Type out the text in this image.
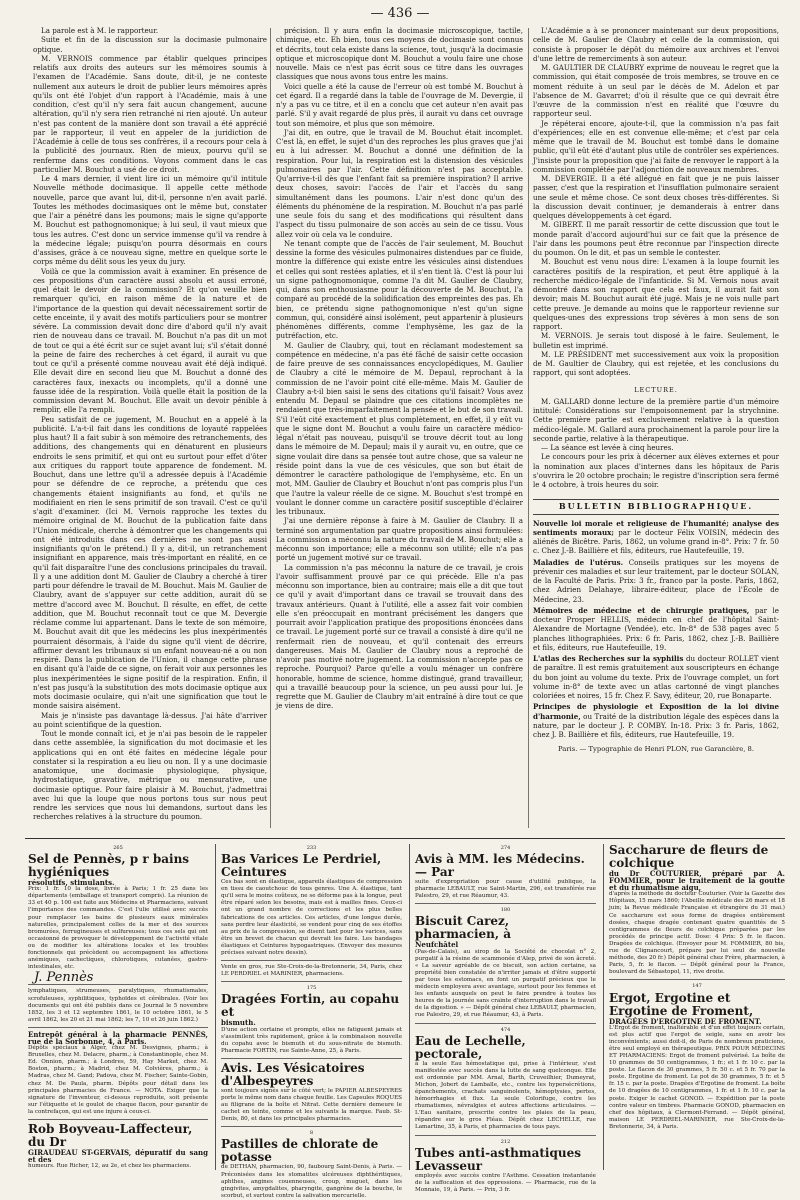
— 436 —

La parole est à M. le rapporteur.

Suite et fin de la discussion sur la docimasie pulmonaire optique.

M. VERNOIS commence par établir quelques principes relatifs aux droits des auteurs sur les mémoires soumis à l'examen de l'Académie. Sans doute, dit-il, je ne conteste nullement aux auteurs le droit de publier leurs mémoires après qu'ils ont été l'objet d'un rapport à l'Académie, mais à une condition, c'est qu'il n'y sera fait aucun changement, aucune altération, qu'il n'y sera rien retranché ni rien ajouté. Un auteur n'est pas content de la manière dont son travail a été apprécié par le rapporteur, il veut en appeler de la juridiction de l'Académie à celle de tous ses confrères, il a recours pour cela à la publicité des journaux. Rien de mieux, pourvu qu'il se renferme dans ces conditions. Voyons comment dans le cas particulier M. Bouchut a usé de ce droit.

Le 4 mars dernier, il vient lire ici un mémoire qu'il intitule Nouvelle méthode docimasique. Il appelle cette méthode nouvelle, parce que avant lui, dit-il, personne n'en avait parlé. Toutes les méthodes docimasiques ont le même but, constater que l'air a pénétré dans les poumons; mais le signe qu'apporte M. Bouchut est pathognomonique; à lui seul, il vaut mieux que tous les autres. C'est donc un service immense qu'il va rendre à la médecine légale; puisqu'on pourra désormais en cours d'assises, grâce à ce nouveau signe, mettre en quelque sorte le corps même du délit sous les yeux du jury.

Voilà ce que la commission avait à examiner. En présence de ces propositions d'un caractère aussi absolu et aussi erroné, quel était le devoir de la commission? Et qu'on veuille bien remarquer qu'ici, en raison même de la nature et de l'importance de la question qui devait nécessairement sortir de cette enceinte, il y avait des motifs particuliers pour se montrer sévère. La commission devait donc dire d'abord qu'il n'y avait rien de nouveau dans ce travail. M. Bouchut n'a pas dit un mot de tout ce qui a été écrit sur ce sujet avant lui; s'il s'était donné la peine de faire des recherches à cet égard, il aurait vu que tout ce qu'il a présenté comme nouveau avait été déjà indiqué. Elle devait dire en second lieu que M. Bouchut a donné des caractères faux, inexacts ou incomplets, qu'il a donné une fausse idée de la respiration. Voilà quelle était la position de la commission devant M. Bouchut. Elle avait un devoir pénible à remplir, elle l'a rempli.

Peu satisfait de ce jugement, M. Bouchut en a appelé à la publicité. L'a-t-il fait dans les conditions de loyauté rappelées plus haut? Il a fait subir à son mémoire des retranchements, des additions, des changements qui en dénaturent en plusieurs endroits le sens primitif, et qui ont eu surtout pour effet d'ôter aux critiques du rapport toute apparence de fondement. M. Bouchut, dans une lettre qu'il a adressée depuis à l'Académie pour se défendre de ce reproche, a prétendu que ces changements étaient insignifiants au fond, et qu'ils ne modifiaient en rien le sens primitif de son travail. C'est ce qu'il s'agit d'examiner. (Ici M. Vernois rapproche les textes du mémoire original de M. Bouchut de la publication faite dans l'Union médicale, cherche à démontrer que les changements qui ont été introduits dans ces dernières ne sont pas aussi insignifiants qu'on le prétend.) Il y a, dit-il, un retranchement insignifiant en apparence, mais très-important en réalité, en ce qu'il fait disparaître l'une des conclusions principales du travail. Il y a une addition dont M. Gaulier de Claubry a cherché à tirer parti pour défendre le travail de M. Bouchut. Mais M. Gaulier de Claubry, avant de s'appuyer sur cette addition, aurait dû se mettre d'accord avec M. Bouchut. Il résulte, en effet, de cette addition, que M. Bouchut reconnaît tout ce que M. Devergie réclame comme lui appartenant. Dans le texte de son mémoire, M. Bouchut avait dit que les médecins les plus inexpérimentés pourraient désormais, à l'aide du signe qu'il vient de décrire, affirmer devant les tribunaux si un enfant nouveau-né a ou non respiré. Dans la publication de l'Union, il change cette phrase en disant qu'à l'aide de ce signe, on ferait voir aux personnes les plus inexpérimentées le signe positif de la respiration. Enfin, il n'est pas jusqu'à la substitution des mots docimasie optique aux mots docimasie oculaire, qui n'ait une signification que tout le monde saisira aisément.

Mais je n'insiste pas davantage là-dessus. J'ai hâte d'arriver au point scientifique de la question.

Tout le monde connaît ici, et je n'ai pas besoin de le rappeler dans cette assemblée, la signification du mot docimasie et les applications qui en ont été faites en médecine légale pour constater si la respiration a eu lieu ou non. Il y a une docimasie anatomique, une docimasie physiologique, physique, hydrostatique, gravative, métrique ou mensurative, une docimasie optique. Pour faire plaisir à M. Bouchut, j'admettrai avec lui que la loupe que nous portons tous sur nous peut rendre les services que nous lui demandons, surtout dans les recherches relatives à la structure du poumon.

précision. Il y aura enfin la docimasie microscopique, tactile, chimique, etc. Eh bien, tous ces moyens de docimasie sont connus et décrits, tout cela existe dans la science, tout, jusqu'à la docimasie optique et microscopique dont M. Bouchut a voulu faire une chose nouvelle. Mais ce n'est pas écrit sous ce titre dans les ouvrages classiques que nous avons tous entre les mains.

Voici quelle a été la cause de l'erreur où est tombé M. Bouchut à cet égard. Il a regardé dans la table de l'ouvrage de M. Devergie, il n'y a pas vu ce titre, et il en a conclu que cet auteur n'en avait pas parlé. S'il y avait regardé de plus près, il aurait vu dans cet ouvrage tout son mémoire, et plus que son mémoire.

J'ai dit, en outre, que le travail de M. Bouchut était incomplet. C'est là, en effet, le sujet d'un des reproches les plus graves que j'ai eu à lui adresser. M. Bouchut a donné une définition de la respiration. Pour lui, la respiration est la distension des vésicules pulmonaires par l'air. Cette définition n'est pas acceptable. Qu'arrive-t-il dès que l'enfant fait sa première inspiration? Il arrive deux choses, savoir: l'accès de l'air et l'accès du sang simultanément dans les poumons. L'air n'est donc qu'un des éléments du phénomène de la respiration. M. Bouchut n'a pas parlé une seule fois du sang et des modifications qui résultent dans l'aspect du tissu pulmonaire de son accès au sein de ce tissu. Vous allez voir où cela va le conduire.

Ne tenant compte que de l'accès de l'air seulement, M. Bouchut dessine la forme des vésicules pulmonaires distendues par ce fluide, montre la différence qui existe entre les vésicules ainsi distendues et celles qui sont restées aplaties, et il s'en tient là. C'est là pour lui un signe pathognomonique, comme l'a dit M. Gaulier de Claubry, qui, dans son enthousiasme pour la découverte de M. Bouchut, l'a comparé au procédé de la solidification des empreintes des pas. Eh bien, ce prétendu signe pathognomonique n'est qu'un signe commun, qui, considéré ainsi isolément, peut appartenir à plusieurs phénomènes différents, comme l'emphysème, les gaz de la putréfaction, etc.

M. Gaulier de Claubry, qui, tout en réclamant modestement sa compétence en médecine, n'a pas été fâché de saisir cette occasion de faire preuve de ses connaissances encyclopédiques, M. Gaulier de Claubry a cité le mémoire de M. Depaul, reprochant à la commission de ne l'avoir point cité elle-même. Mais M. Gaulier de Claubry a-t-il bien saisi le sens des citations qu'il faisait? Vous avez entendu M. Depaul se plaindre que ces citations incomplètes ne rendaient que très-imparfaitement la pensée et le but de son travail. S'il l'eût cité exactement et plus complètement, en effet, il y eût vu que le signe dont M. Bouchut a voulu faire un caractère médico-légal n'était pas nouveau, puisqu'il se trouve décrit tout au long dans le mémoire de M. Depaul; mais il y aurait vu, en outre, que ce signe voulait dire dans sa pensée tout autre chose, que sa valeur ne réside point dans la vue de ces vésicules, que son but était de démontrer le caractère pathologique de l'emphysème, etc. En un mot, MM. Gaulier de Claubry et Bouchut n'ont pas compris plus l'un que l'autre la valeur réelle de ce signe. M. Bouchut s'est trompé en voulant le donner comme un caractère positif susceptible d'éclairer les tribunaux.

J'ai une dernière réponse à faire à M. Gaulier de Claubry. Il a terminé son argumentation par quatre propositions ainsi formulées: La commission a méconnu la nature du travail de M. Bouchut; elle a méconnu son importance; elle a méconnu son utilité; elle n'a pas porté un jugement motivé sur ce travail.

La commission n'a pas méconnu la nature de ce travail, je crois l'avoir suffisamment prouvé par ce qui précède. Elle n'a pas méconnu son importance, bien au contraire; mais elle a dit que tout ce qu'il y avait d'important dans ce travail se trouvait dans des travaux antérieurs. Quant à l'utilité, elle a assez fait voir combien elle s'en préoccupait en montrant précisément les dangers que pourrait avoir l'application pratique des propositions énoncées dans ce travail. Le jugement porté sur ce travail a consisté à dire qu'il ne renfermait rien de nouveau, et qu'il contenait des erreurs dangereuses. Mais M. Gaulier de Claubry nous a reproché de n'avoir pas motivé notre jugement. La commission n'accepte pas ce reproche. Pourquoi? Parce qu'elle a voulu ménager un confrère honorable, homme de science, homme distingué, grand travailleur, qui a travaillé beaucoup pour la science, un peu aussi pour lui. Je regrette que M. Gaulier de Claubry m'ait entraîné à dire tout ce que je viens de dire.

L'Académie a à se prononcer maintenant sur deux propositions, celle de M. Gaulier de Claubry et celle de la commission, qui consiste à proposer le dépôt du mémoire aux archives et l'envoi d'une lettre de remerciments à son auteur.

M. GAULTIER DE CLAUBRY exprime de nouveau le regret que la commission, qui était composée de trois membres, se trouve en ce moment réduite à un seul par le décès de M. Adelon et par l'absence de M. Gavarret; d'où il résulte que ce qui devrait être l'œuvre de la commission n'est en réalité que l'œuvre du rapporteur seul.

Je répéterai encore, ajoute-t-il, que la commission n'a pas fait d'expériences; elle en est convenue elle-même; et c'est par cela même que le travail de M. Bouchut est tombé dans le domaine public, qu'il eût été d'autant plus utile de contrôler ses expériences. J'insiste pour la proposition que j'ai faite de renvoyer le rapport à la commission complétée par l'adjonction de nouveaux membres.

M. DEVERGIE. Il a été allégué en fait que je ne puis laisser passer, c'est que la respiration et l'insufflation pulmonaire seraient une seule et même chose. Ce sont deux choses très-différentes. Si la discussion devait continuer, je demanderais à entrer dans quelques développements à cet égard.

M. GIBERT. Il me paraît ressortir de cette discussion que tout le monde paraît d'accord aujourd'hui sur ce fait que la présence de l'air dans les poumons peut être reconnue par l'inspection directe du poumon. On le dit, et pas un semble le contester.

M. Bouchut est venu nous dire: L'examen à la loupe fournit les caractères positifs de la respiration, et peut être appliqué à la recherche médico-légale de l'infanticide. Si M. Vernois nous avait démontré dans son rapport que cela est faux, il aurait fait son devoir; mais M. Bouchut aurait été jugé. Mais je ne vois nulle part cette preuve. Je demande au moins que le rapporteur revienne sur quelques-unes des expressions trop sévères à mon sens de son rapport.

M. VERNOIS. Je serais tout disposé à le faire. Seulement, le bulletin est imprimé.

M. LE PRÉSIDENT met successivement aux voix la proposition de M. Gaultier de Claubry, qui est rejetée, et les conclusions du rapport, qui sont adoptées.

LECTURE.

M. GALLARD donne lecture de la première partie d'un mémoire intitulé: Considérations sur l'empoisonnement par la strychnine. Cette première partie est exclusivement relative à la question médico-légale. M. Gallard aura prochainement la parole pour lire la seconde partie, relative à la thérapeutique.

— La séance est levée à cinq heures.

Le concours pour les prix à décerner aux élèves externes et pour la nomination aux places d'internes dans les hôpitaux de Paris s'ouvrira le 20 octobre prochain; le registre d'inscription sera fermé le 4 octobre, à trois heures du soir.

BULLETIN BIBLIOGRAPHIQUE.

Nouvelle loi morale et religieuse de l'humanité; analyse des sentiments moraux; par le docteur Félix VOISIN, médecin des aliénés de Bicêtre. Paris, 1862, un volume grand in-8°. Prix: 7 fr. 50 c. Chez J.-B. Baillière et fils, éditeurs, rue Hautefeuille, 19.

Maladies de l'utérus. Conseils pratiques sur les moyens de prévenir ces maladies et sur leur traitement, par le docteur SOLAN, de la Faculté de Paris. Prix: 3 fr., franco par la poste. Paris, 1862, chez Adrien Delahaye, libraire-éditeur, place de l'École de Médecine, 23.

Mémoires de médecine et de chirurgie pratiques, par le docteur Prosper HELLIS, médecin en chef de l'hôpital Saint-Alexandre de Mortagne (Vendée), etc. In-8° de 538 pages avec 5 planches lithographiées. Prix: 6 fr. Paris, 1862, chez J.-B. Baillière et fils, éditeurs, rue Hautefeuille, 19.

L'atlas des Recherches sur la syphilis du docteur ROLLET vient de paraître. Il est remis gratuitement aux souscripteurs en échange du bon joint au volume du texte. Prix de l'ouvrage complet, un fort volume in-8° de texte avec un atlas cartonné de vingt planches coloriées et noires, 15 fr. Chez F. Savy, éditeur, 20, rue Bonaparte.

Principes de physiologie et Exposition de la loi divine d'harmonie, ou Traité de la distribution légale des espèces dans la nature, par le docteur J. P. COMBY. In-18. Prix: 3 fr. Paris, 1862, chez J. B. Baillière et fils, éditeurs, rue Hautefeuille, 19.

Paris. — Typographie de Henri PLON, rue Garancière, 8.
265
Sel de Pennès, p r bains hygiéniques
résolutifs, stimulants.
Prix: 1 fr. 10 la dose, livrée à Paris; 1 fr. 25 dans les départements (emballage et transport compris). La réunion de 33 et 40 p. 100 est faite aux Médecins et Pharmaciens, suivant l'importance des commandes. C'est l'ulie utilisé avec succès pour remplacer les bains de plusieurs eaux minérales naturelles, principalement celles de la mer et des sources bromurées, ferrugineuses et sulfureuses; tous ces sels qui ont occasionné de provoquer le développement de l'activité vitale ou de modifier les altérations locales et les troubles fonctionnels qui précèdent ou accompagnent les affections anémiques, cachectiques, chlorotiques, cutanées, gastro-intestinales, etc.
J. Pennès
lymphatiques, strumeuses, paralytiques, rhumatismales, scrofuleuses, syphilitiques, typhoïdes et cérébrales. (Voir les documents qui ont été publiés dans ce Journal le 5 novembre 1852, les 3 et 12 septembre 1861, le 10 octobre 1861, le 5 avril 1862, les 20 et 21 mai 1862; les 7, 10 et 26 juin 1862.)
Entrepôt général à la pharmacie PENNÈS, rue de la Sorbonne, 4, à Paris.
Dépôts spéciaux à Alger, chez M. Desvignes, pharm.; à Bruxelles, chez M. Delacre, pharm.; à Constantinople, chez M. Ed. Onnion, pharm.; à Londres, 59, Hay Market, chez M. Boston, pharm.; à Madrid, chez M. Colvières, pharm.; à Madras, chez M. Gand; Padova, chez M. Fischer; Sainte-Gobin, chez M. De Paula, pharm. Dépôts pour détail dans les principales pharmacies de France. — NOTA. Exiger que la signature de l'inventeur, ci-dessus reproduite, soit présente sur l'étiquette et le goulot de chaque flacon, pour garantir de la contrefaçon, qui est une injure à ceux-ci.
Rob Boyveau-Laffecteur, du Dr
GIRAUDEAU ST-GERVAIS, dépuratif du sang et des
humeurs. Rue Richer, 12, au 2e, et chez les pharmaciens.
233
Bas Varices Le Perdriel, Ceintures
Ces bas sont en élastique, appareils élastiques de compression en tissu de caoutchouc de tous genres. Une A. élastique, tant qu'il sera le moins coûteux, ne se déforme pas à la longue, peut être réparé selon les besoins, mais est à mailles fines. Ceux-ci ont un grand nombre de corrections et les plus belles fabrications de ces articles. Ces articles, d'une longue durée, sans perdre leur élasticité, se vendent pour cinq de ses étoffes au prix de la compression, se disent tant pour les varices, sans être un brevet de chacun qui devrait les faire. Les bandages élastiques et Ceintures hypogastriques. (Envoyer des mesures précises suivant notre dessin).
Vente en gros, rue Ste-Croix-de-la-Bretonnerie, 34, Paris, chez LE PERDRIEL et MARINIER, pharmaciens.
175
Dragées Fortin, au copahu et
bismuth.
D'une action certaine et prompte, elles ne fatiguent jamais et s'assimilent très rapidement, grâce à la combinaison nouvelle du copahu avec le bismuth et du sous-nitrate de bismuth. Pharmacie FORTIN, rue Sainte-Anne, 25, à Paris.
Avis. Les Vésicatoires d'Albespeyres
sont toujours signés sur le côté vert; le PAPIER ALBESPEYRES porte le même nom dans chaque feuille. Les Capsules ROQUES au filigrane de la boîte et Nitrat. Cette dernière demeure le cachet en teinte, comme et les suivants la marque. Faub. St-Denis, 80, et dans les principales pharmacies.
8
Pastilles de chlorate de potasse
de DETHAN, pharmacien, 90, faubourg Saint-Denis, à Paris. — Préconisées dans les stomatites ulcéreuses diphthéritiques, aphthes, angines couenneuses, croup, muguet, dans les gingivites, amygdalites, pharyngite, gangrène de la bouche, le scorbut, et surtout contre la salivation mercurielle.
274
Avis à MM. les Médecins. — Par
suite d'expropriation pour cause d'utilité publique, la pharmacie LEBAULT, rue Saint-Martin, 296, est transférée rue Palestro, 29, et rue Réaumur, 43.
180
Biscuit Carez, pharmacien, à
Neufchâtel
(Pas-de-Calais), au sirop de la Société de chocolat n° 2, purgatif à la résine de scammonée d'Alep, privé de son âcreté. « La saveur agréable de ce biscuit, son action certaine, sa propriété bien constatée de n'irriter jamais et d'être supporté par tous les estomacs, en font un purgatif précieux que le médecin employera avec avantage, surtout pour les femmes et les enfants auxquels on peut le faire prendre à toutes les heures de la journée sans crainte d'interruption dans le travail de la digestion. » — Dépôt général chez LEBAULT, pharmacien, rue Palestro, 29, et rue Réaumur, 43, à Paris.
474
Eau de Lechelle, pectorale,
à la seule Eau hémostatique qui, prise à l'intérieur, s'est manifestée avec succès dans la lutte de sang quelconque. Elle est ordonnée par MM. Arnal, Barth, Cruveilhier, Dumeyrat, Michon, Jobert de Lamballe, etc., contre les hypersécrétions, épanchements, crachats sanguinolents, hémoptysies, pertes, hémorrhagies et flux. La seule Colorifuge, contre les rhumatismes, névralgies et autres affections articulaires. — L'Eau sanitaire, prescrite contre les plaies de la peau, répandre sur le gros Fléau. Dépôt chez LECHELLE, rue Lamartine, 35, à Paris, et pharmacies de tous pays.
212
Tubes anti-asthmatiques Levasseur
employés avec succès contre l'Asthme. Cessation instantanée de la suffocation et des oppressions. — Pharmacie, rue de la Monnaie, 19, à Paris. — Prix, 3 fr.
Saccharure de fleurs de colchique
du Dr COUTURIER, préparé par A. FOMMIER, pour le traitement de la goutte et du rhumatisme aigu,
d'après la méthode du docteur Couturier. (Voir la Gazette des Hôpitaux, 15 mars 1860; l'Abeille médicale des 26 mars et 18 juin; la Revue médicale Française et étrangère du 31 mai.) Ce saccharure est sous forme de dragées entièrement dosées, chaque dragée contenant quatre quantités de 5 centigrammes de fleurs de colchique préparées par les procédés de principe actif. Dose: 4 Prix: 5 fr. le flacon. Dragées de colchique. (Envoyer pour M. FOMMIER, 80 bis, rue de Clignancourt, prépare par lui seul de nouvelle méthode, des 20 fr.) Dépôt général chez Frère, pharmacien, à Paris, 5, fr. le flacon. — Dépôt général pour la France, boulevard de Sébastopol, 11, rive droite.
147
Ergot, Ergotine et Ergotine de Froment,
DRAGÉES D'ERGOTINE DE FROMENT.
L'Ergot de froment, inaltérable et d'un effet toujours certain, est plus actif que l'ergot de seigle, sans en avoir les inconvénients; aussi doit-il, de Paris de nombreux praticiens, être seul employé en thérapeutique. PRIX POUR MÉDECINS ET PHARMACIENS: Ergot de froment pulvérisé. La boîte de 10 grammes de 50 centigrammes, 1 fr.; et 1 fr. 10 c. par la poste. Le flacon de 30 grammes, 5 fr. 50 c. et 5 fr. 70 par la poste. Ergotine de froment. Le pot de 30 grammes, 5 fr. et 5 fr. 15 c. par la poste. Dragées d'Ergotine de froment. La boîte de 10 dragées de 10 centigrammes, 1 fr. et 1 fr. 10 c. par la poste. Exiger le cachet GONOD. — Expédition par la poste contre valeur en timbres. Pharmacie GONOD, pharmacien en chef des hôpitaux, à Clermont-Ferrand. — Dépôt général, maison LE PERDRIEL-MARINIER, rue Ste-Croix-de-la-Bretonnerie, 34, à Paris.
